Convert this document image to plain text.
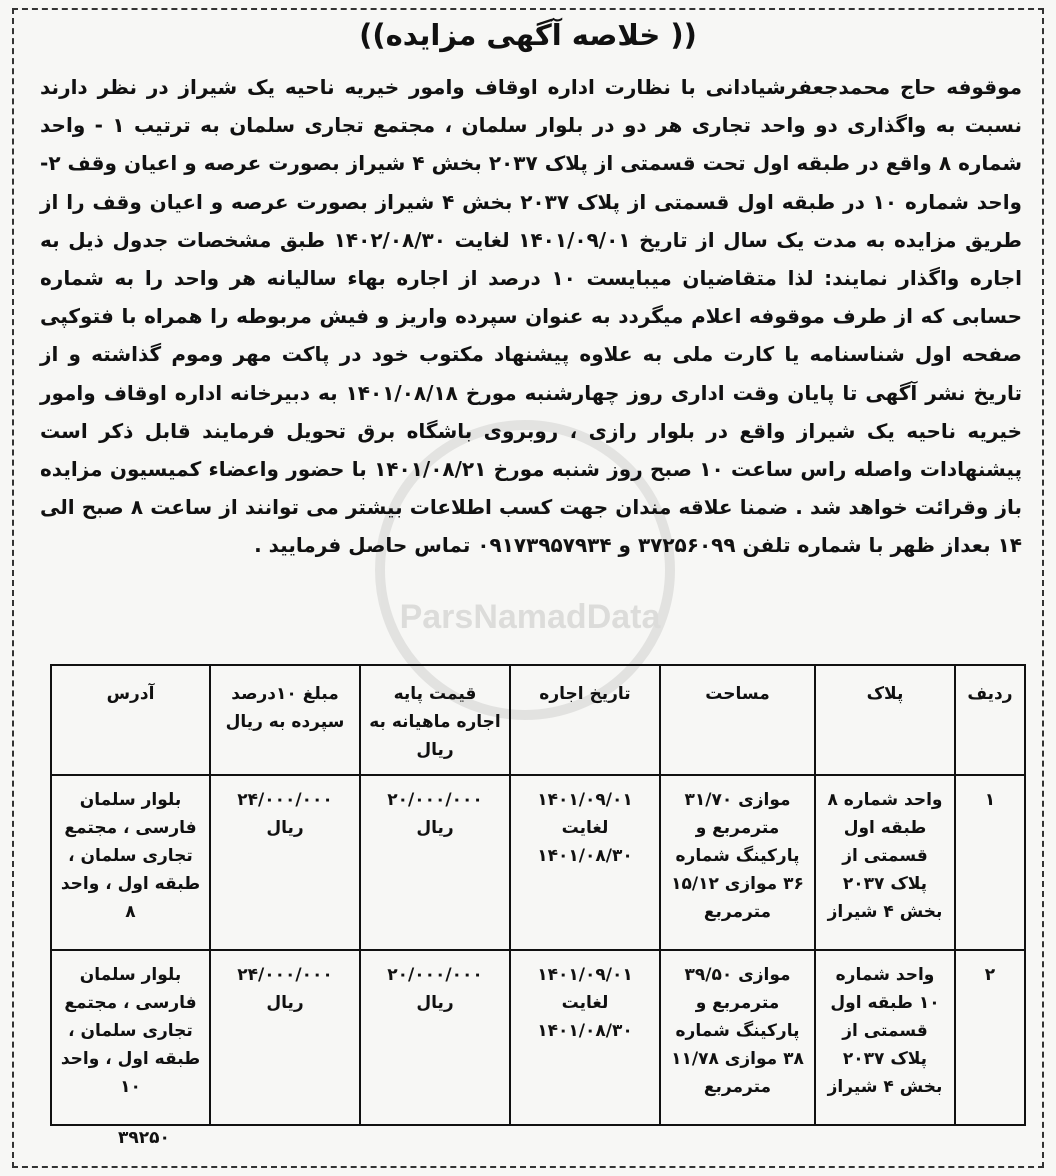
ParsNamadData
(( خلاصه آگهی مزایده))

موقوفه حاج محمدجعفرشیادانی با نظارت اداره اوقاف وامور خیریه ناحیه یک شیراز در نظر دارند نسبت به واگذاری دو واحد تجاری هر دو در بلوار سلمان ، مجتمع تجاری سلمان به ترتیب ۱ - واحد شماره ۸ واقع در طبقه اول تحت قسمتی از پلاک ۲۰۳۷ بخش ۴ شیراز بصورت عرصه و اعیان وقف ۲- واحد شماره ۱۰ در طبقه اول قسمتی از پلاک ۲۰۳۷ بخش ۴ شیراز بصورت عرصه و اعیان وقف را از طریق مزایده به مدت یک سال از تاریخ ۱۴۰۱/۰۹/۰۱ لغایت ۱۴۰۲/۰۸/۳۰ طبق مشخصات جدول ذیل به اجاره واگذار نمایند: لذا متقاضیان میبایست ۱۰ درصد از اجاره بهاء سالیانه هر واحد را به شماره حسابی که از طرف موقوفه اعلام میگردد به عنوان سپرده واریز و فیش مربوطه را همراه با فتوکپی صفحه اول شناسنامه یا کارت ملی به علاوه پیشنهاد مکتوب خود در پاکت مهر وموم گذاشته و از تاریخ نشر آگهی تا پایان وقت اداری روز چهارشنبه مورخ ۱۴۰۱/۰۸/۱۸ به دبیرخانه اداره اوقاف وامور خیریه ناحیه یک شیراز واقع در بلوار رازی ، روبروی باشگاه برق تحویل فرمایند قابل ذکر است پیشنهادات واصله راس ساعت ۱۰ صبح روز شنبه مورخ ۱۴۰۱/۰۸/۲۱ با حضور واعضاء کمیسیون مزایده باز وقرائت خواهد شد . ضمنا علاقه مندان جهت کسب اطلاعات بیشتر می توانند از ساعت ۸ صبح الی ۱۴ بعداز ظهر با شماره تلفن ۳۷۲۵۶۰۹۹ و ۰۹۱۷۳۹۵۷۹۳۴ تماس حاصل فرمایید .

ردیف	پلاک	مساحت	تاریخ اجاره	قیمت پایه اجاره ماهیانه به ریال	مبلغ ۱۰درصد سپرده به ریال	آدرس
۱	واحد شماره ۸ طبقه اول قسمتی از پلاک ۲۰۳۷ بخش ۴ شیراز	موازی ۳۱/۷۰ مترمربع و پارکینگ شماره ۳۶ موازی ۱۵/۱۲ مترمربع	۱۴۰۱/۰۹/۰۱ لغایت ۱۴۰۱/۰۸/۳۰	۲۰/۰۰۰/۰۰۰ ریال	۲۴/۰۰۰/۰۰۰ ریال	بلوار سلمان فارسی ، مجتمع تجاری سلمان ، طبقه اول ، واحد ۸
۲	واحد شماره ۱۰ طبقه اول قسمتی از پلاک ۲۰۳۷ بخش ۴ شیراز	موازی ۳۹/۵۰ مترمربع و پارکینگ شماره ۳۸ موازی ۱۱/۷۸ مترمربع	۱۴۰۱/۰۹/۰۱ لغایت ۱۴۰۱/۰۸/۳۰	۲۰/۰۰۰/۰۰۰ ریال	۲۴/۰۰۰/۰۰۰ ریال	بلوار سلمان فارسی ، مجتمع تجاری سلمان ، طبقه اول ، واحد ۱۰
۳۹۲۵۰
